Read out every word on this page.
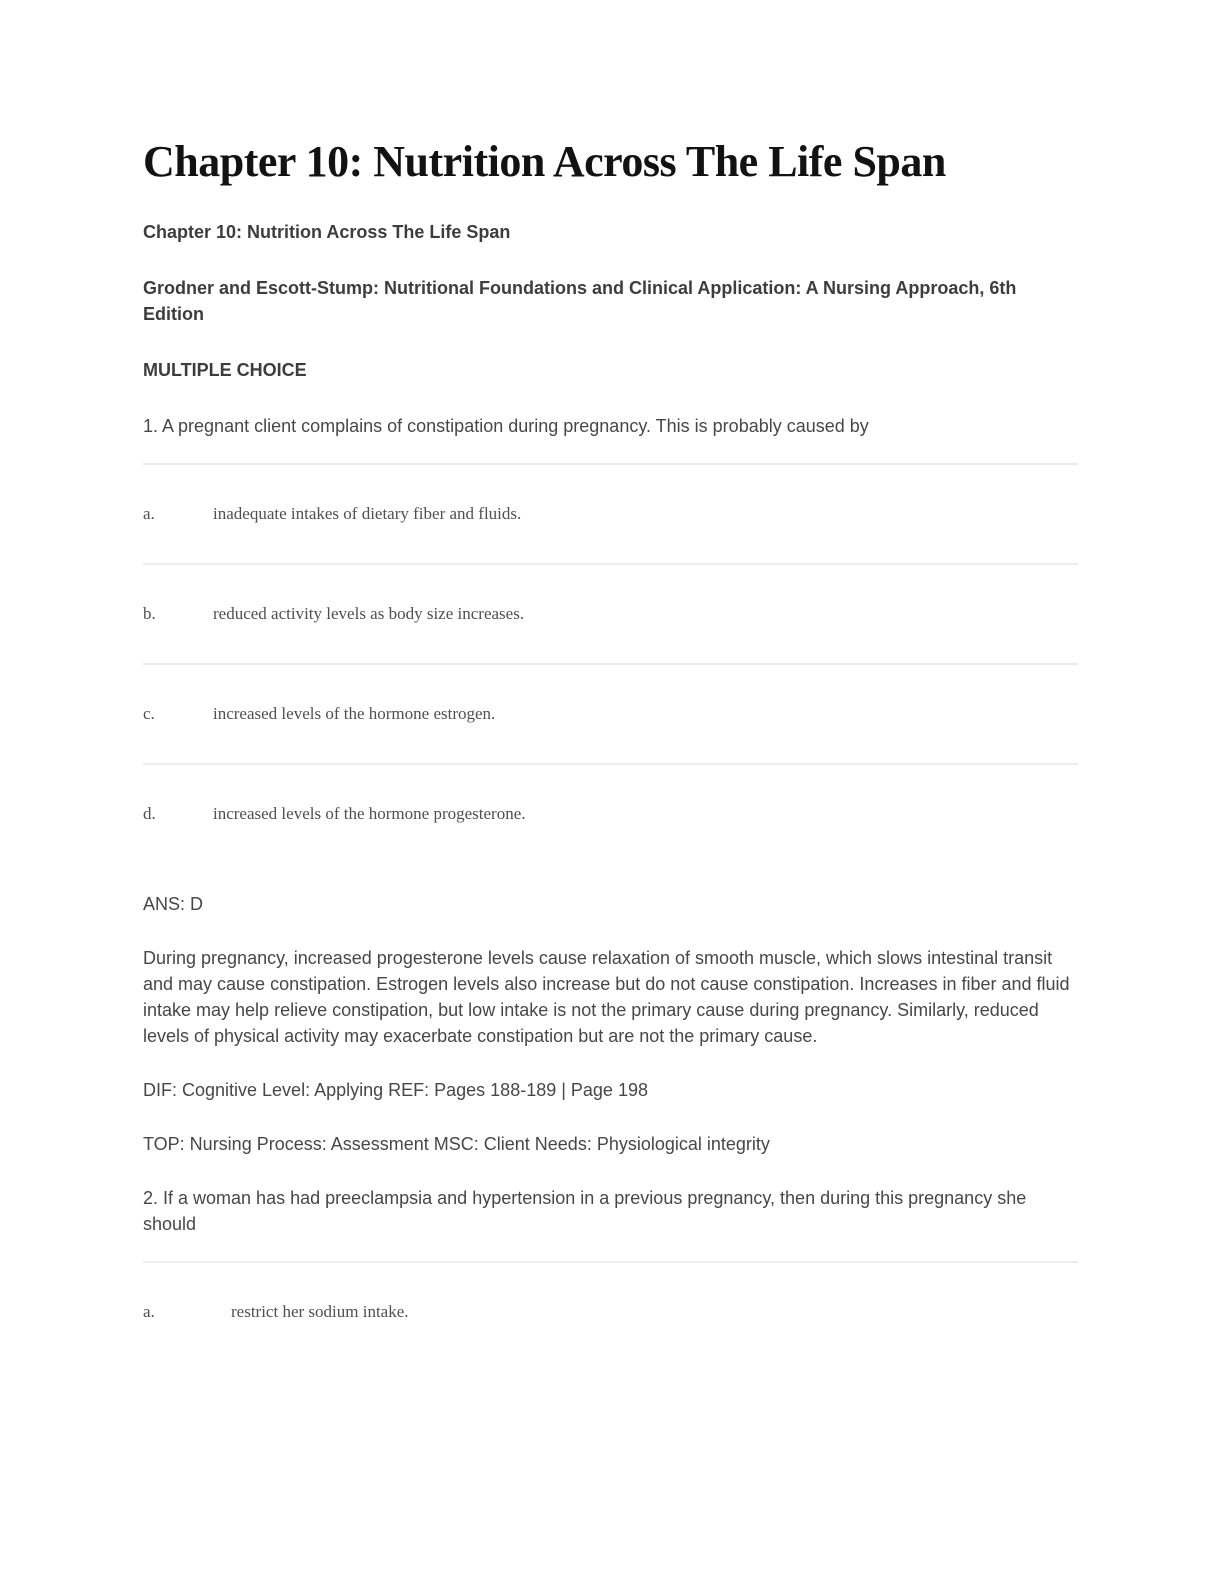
Chapter 10: Nutrition Across The Life Span

Chapter 10: Nutrition Across The Life Span

Grodner and Escott-Stump: Nutritional Foundations and Clinical Application: A Nursing Approach, 6th Edition

MULTIPLE CHOICE

1. A pregnant client complains of constipation during pregnancy. This is probably caused by

a.	inadequate intakes of dietary fiber and fluids.
b.	reduced activity levels as body size increases.
c.	increased levels of the hormone estrogen.
d.	increased levels of the hormone progesterone.

ANS: D

During pregnancy, increased progesterone levels cause relaxation of smooth muscle, which slows intestinal transit and may cause constipation. Estrogen levels also increase but do not cause constipation. Increases in fiber and fluid intake may help relieve constipation, but low intake is not the primary cause during pregnancy. Similarly, reduced levels of physical activity may exacerbate constipation but are not the primary cause.

DIF: Cognitive Level: Applying REF: Pages 188-189 | Page 198

TOP: Nursing Process: Assessment MSC: Client Needs: Physiological integrity

2. If a woman has had preeclampsia and hypertension in a previous pregnancy, then during this pregnancy she should

a.	restrict her sodium intake.
